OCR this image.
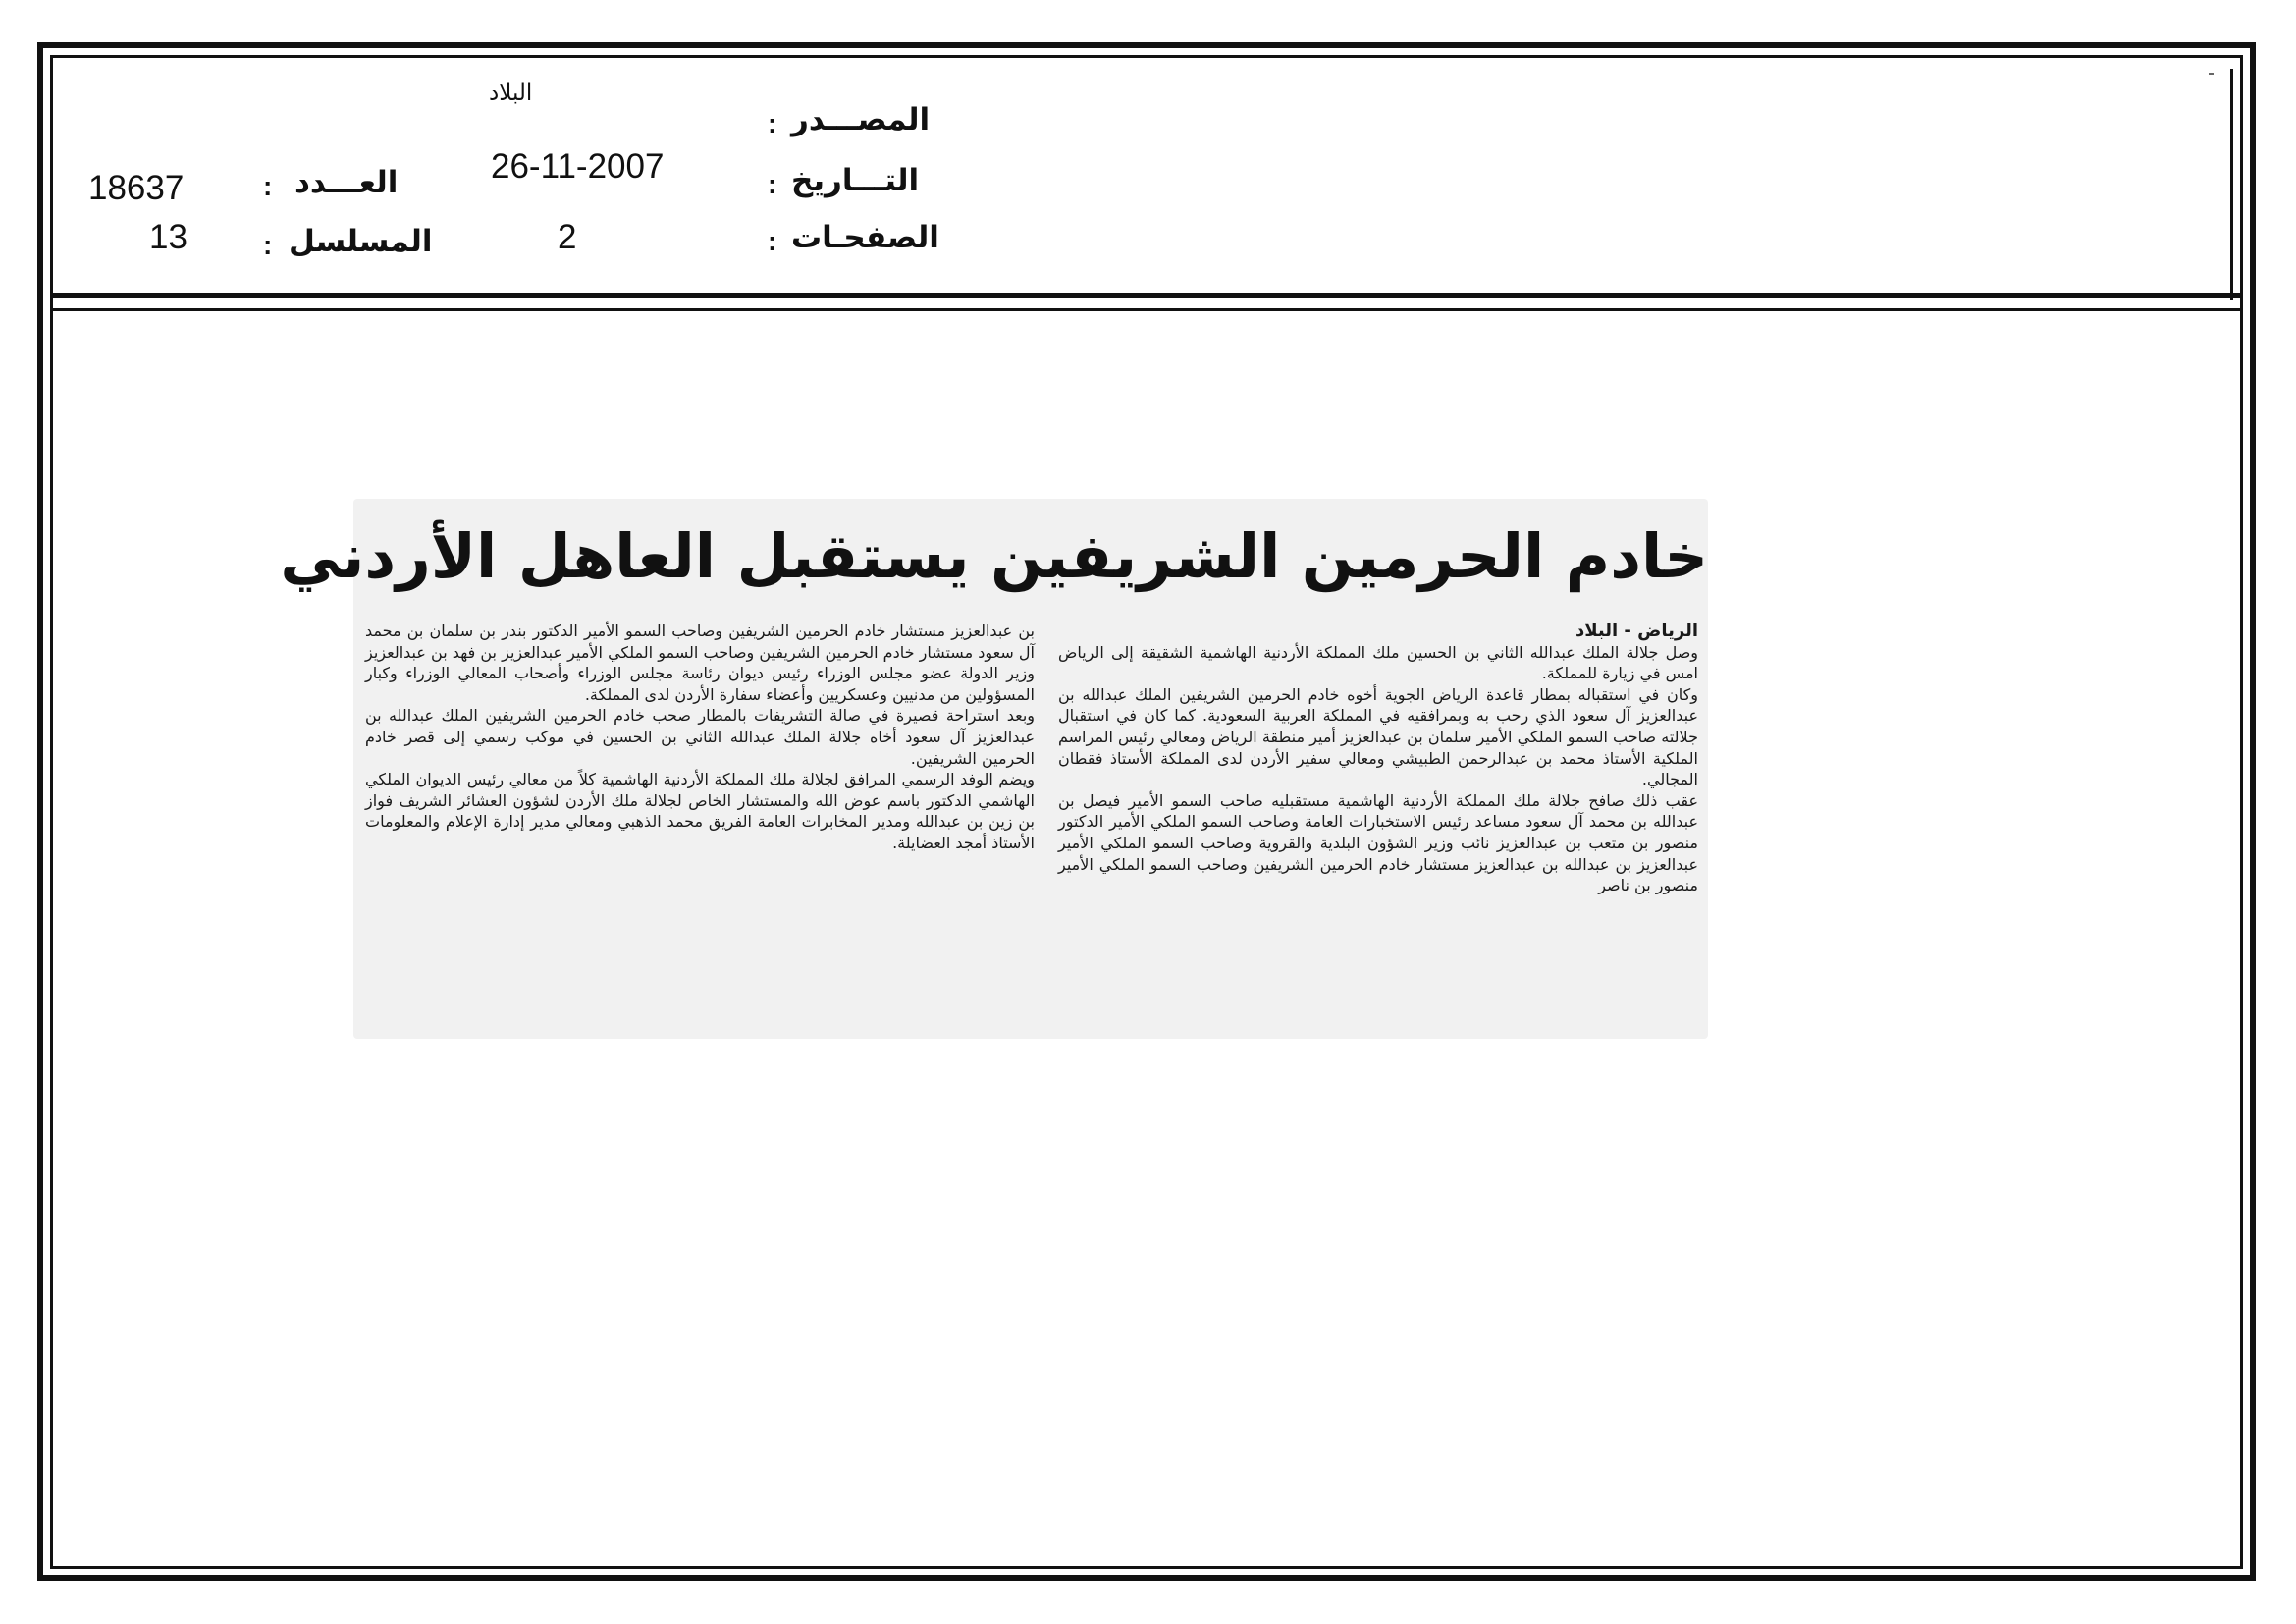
المصـــدر
:
التـــاريخ
:
الصفحـات
:
البلاد
26-11-2007
2
العـــدد
:
المسلسل
:
18637
13
خادم الحرمين الشريفين يستقبل العاهل الأردني
الرياض - البلاد
وصل جلالة الملك عبدالله الثاني بن الحسين ملك المملكة الأردنية الهاشمية الشقيقة إلى الرياض امس في زيارة للمملكة.
وكان في استقباله بمطار قاعدة الرياض الجوية أخوه خادم الحرمين الشريفين الملك عبدالله بن عبدالعزيز آل سعود الذي رحب به وبمرافقيه في المملكة العربية السعودية. كما كان في استقبال جلالته صاحب السمو الملكي الأمير سلمان بن عبدالعزيز أمير منطقة الرياض ومعالي رئيس المراسم الملكية الأستاذ محمد بن عبدالرحمن الطبيشي ومعالي سفير الأردن لدى المملكة الأستاذ فقطان المجالي.
عقب ذلك صافح جلالة ملك المملكة الأردنية الهاشمية مستقبليه صاحب السمو الأمير فيصل بن عبدالله بن محمد آل سعود مساعد رئيس الاستخبارات العامة وصاحب السمو الملكي الأمير الدكتور منصور بن متعب بن عبدالعزيز نائب وزير الشؤون البلدية والقروية وصاحب السمو الملكي الأمير عبدالعزيز بن عبدالله بن عبدالعزيز مستشار خادم الحرمين الشريفين وصاحب السمو الملكي الأمير منصور بن ناصر
بن عبدالعزيز مستشار خادم الحرمين الشريفين وصاحب السمو الأمير الدكتور بندر بن سلمان بن محمد آل سعود مستشار خادم الحرمين الشريفين وصاحب السمو الملكي الأمير عبدالعزيز بن فهد بن عبدالعزيز وزير الدولة عضو مجلس الوزراء رئيس ديوان رئاسة مجلس الوزراء وأصحاب المعالي الوزراء وكبار المسؤولين من مدنيين وعسكريين وأعضاء سفارة الأردن لدى المملكة.
وبعد استراحة قصيرة في صالة التشريفات بالمطار صحب خادم الحرمين الشريفين الملك عبدالله بن عبدالعزيز آل سعود أخاه جلالة الملك عبدالله الثاني بن الحسين في موكب رسمي إلى قصر خادم الحرمين الشريفين.
ويضم الوفد الرسمي المرافق لجلالة ملك المملكة الأردنية الهاشمية كلاً من معالي رئيس الديوان الملكي الهاشمي الدكتور باسم عوض الله والمستشار الخاص لجلالة ملك الأردن لشؤون العشائر الشريف فواز بن زين بن عبدالله ومدير المخابرات العامة الفريق محمد الذهبي ومعالي مدير إدارة الإعلام والمعلومات الأستاذ أمجد العضايلة.
